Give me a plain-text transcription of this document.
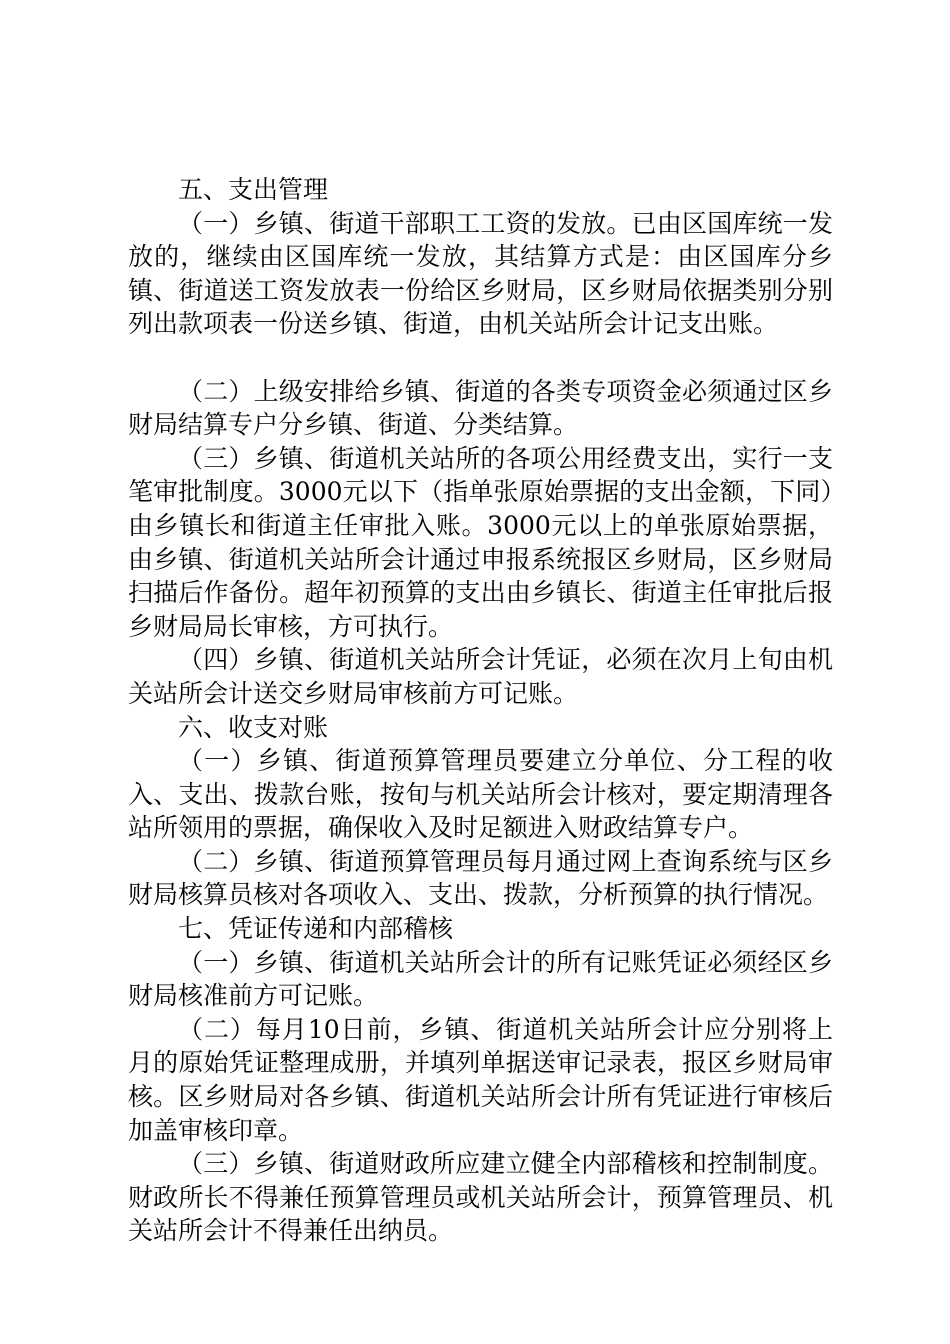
五、支出管理

（一）乡镇、街道干部职工工资的发放。已由区国库统一发放的，继续由区国库统一发放，其结算方式是：由区国库分乡镇、街道送工资发放表一份给区乡财局，区乡财局依据类别分别列出款项表一份送乡镇、街道，由机关站所会计记支出账。

（二）上级安排给乡镇、街道的各类专项资金必须通过区乡财局结算专户分乡镇、街道、分类结算。

（三）乡镇、街道机关站所的各项公用经费支出，实行一支笔审批制度。3000元以下（指单张原始票据的支出金额，下同）由乡镇长和街道主任审批入账。3000元以上的单张原始票据，由乡镇、街道机关站所会计通过申报系统报区乡财局，区乡财局扫描后作备份。超年初预算的支出由乡镇长、街道主任审批后报乡财局局长审核，方可执行。

（四）乡镇、街道机关站所会计凭证，必须在次月上旬由机关站所会计送交乡财局审核前方可记账。

六、收支对账

（一）乡镇、街道预算管理员要建立分单位、分工程的收入、支出、拨款台账，按旬与机关站所会计核对，要定期清理各站所领用的票据，确保收入及时足额进入财政结算专户。

（二）乡镇、街道预算管理员每月通过网上查询系统与区乡财局核算员核对各项收入、支出、拨款，分析预算的执行情况。

七、凭证传递和内部稽核

（一）乡镇、街道机关站所会计的所有记账凭证必须经区乡财局核准前方可记账。

（二）每月10日前，乡镇、街道机关站所会计应分别将上月的原始凭证整理成册，并填列单据送审记录表，报区乡财局审核。区乡财局对各乡镇、街道机关站所会计所有凭证进行审核后加盖审核印章。

（三）乡镇、街道财政所应建立健全内部稽核和控制制度。财政所长不得兼任预算管理员或机关站所会计，预算管理员、机关站所会计不得兼任出纳员。
